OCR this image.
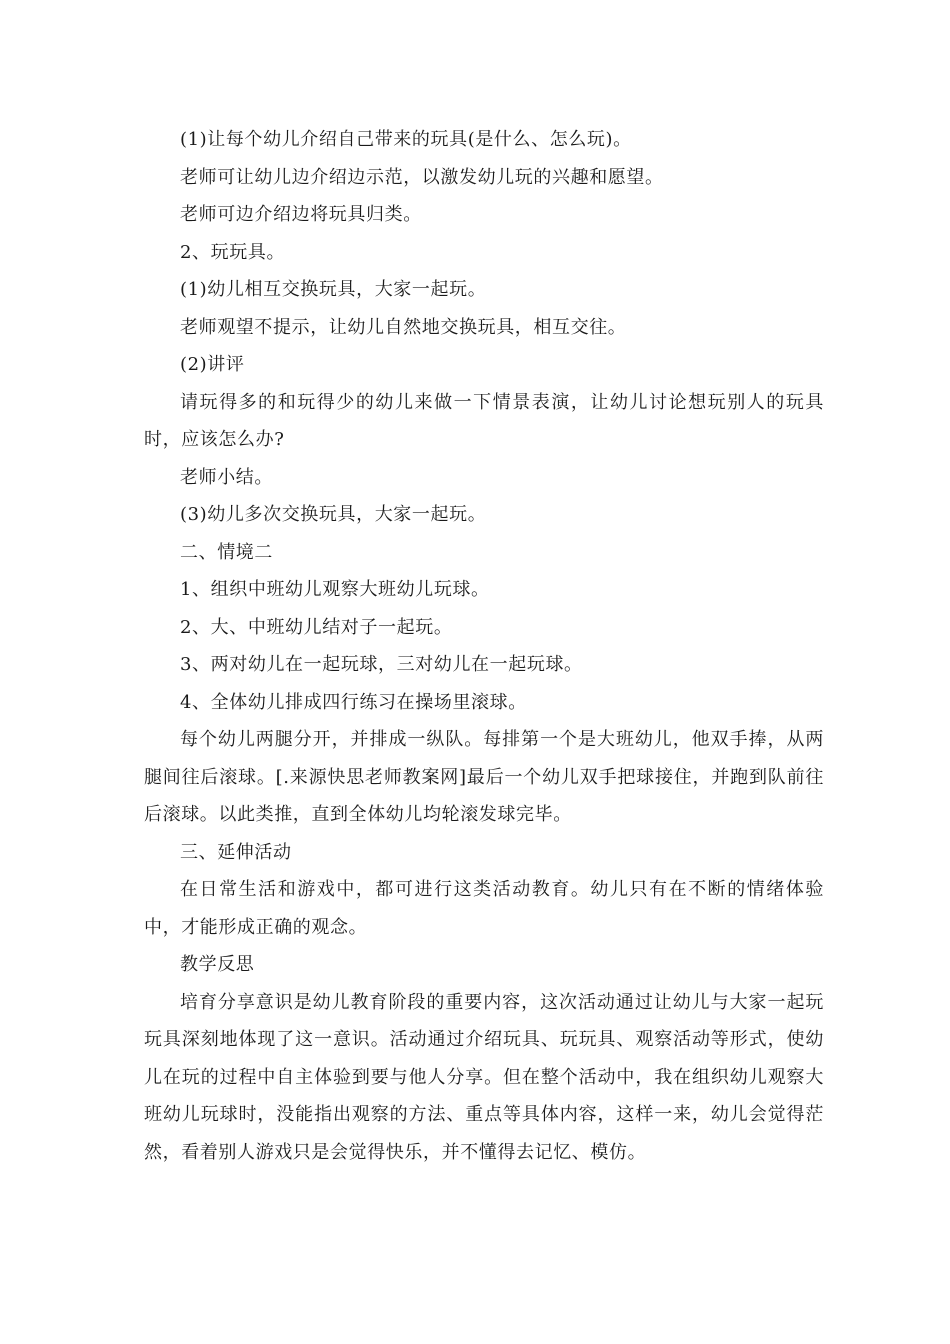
(1)让每个幼儿介绍自己带来的玩具(是什么、怎么玩)。

老师可让幼儿边介绍边示范，以激发幼儿玩的兴趣和愿望。

老师可边介绍边将玩具归类。

2、玩玩具。

(1)幼儿相互交换玩具，大家一起玩。

老师观望不提示，让幼儿自然地交换玩具，相互交往。

(2)讲评

请玩得多的和玩得少的幼儿来做一下情景表演，让幼儿讨论想玩别人的玩具时，应该怎么办?

老师小结。

(3)幼儿多次交换玩具，大家一起玩。

二、情境二

1、组织中班幼儿观察大班幼儿玩球。

2、大、中班幼儿结对子一起玩。

3、两对幼儿在一起玩球，三对幼儿在一起玩球。

4、全体幼儿排成四行练习在操场里滚球。

每个幼儿两腿分开，并排成一纵队。每排第一个是大班幼儿，他双手捧，从两腿间往后滚球。[.来源快思老师教案网]最后一个幼儿双手把球接住，并跑到队前往后滚球。以此类推，直到全体幼儿均轮滚发球完毕。

三、延伸活动

在日常生活和游戏中，都可进行这类活动教育。幼儿只有在不断的情绪体验中，才能形成正确的观念。

教学反思

培育分享意识是幼儿教育阶段的重要内容，这次活动通过让幼儿与大家一起玩玩具深刻地体现了这一意识。活动通过介绍玩具、玩玩具、观察活动等形式，使幼儿在玩的过程中自主体验到要与他人分享。但在整个活动中，我在组织幼儿观察大班幼儿玩球时，没能指出观察的方法、重点等具体内容，这样一来，幼儿会觉得茫然，看着别人游戏只是会觉得快乐，并不懂得去记忆、模仿。
